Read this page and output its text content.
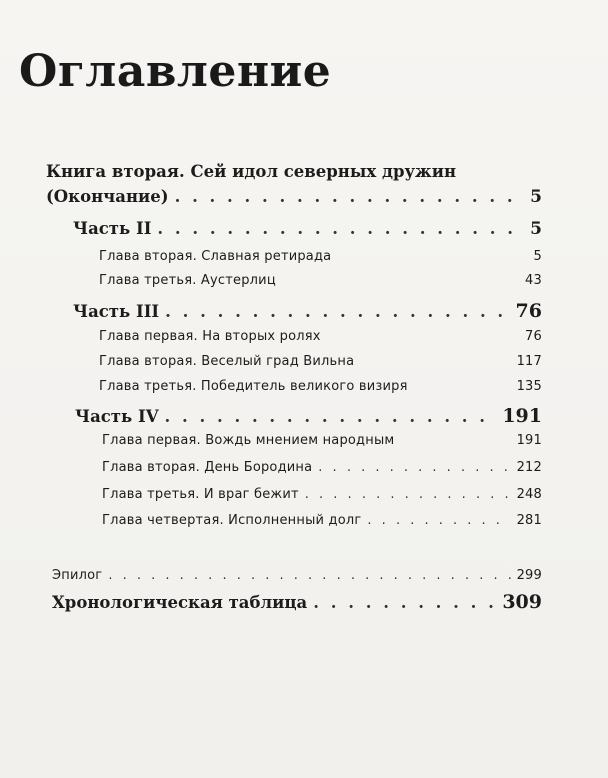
Оглавление
Книга вторая. Сей идол северных дружин
(Окончание) . . .	5
Часть II . . .	5
Глава вторая. Славная ретирада	5
Глава третья. Аустерлиц	43
Часть III . . .	76
Глава первая. На вторых ролях	76
Глава вторая. Веселый град Вильна	117
Глава третья. Победитель великого визиря	135
Часть IV . . .	191
Глава первая. Вождь мнением народным	191
Глава вторая. День Бородина . . .	212
Глава третья. И враг бежит . . .	248
Глава четвертая. Исполненный долг . . .	281
Эпилог . . .	299
Хронологическая таблица . . .	309
